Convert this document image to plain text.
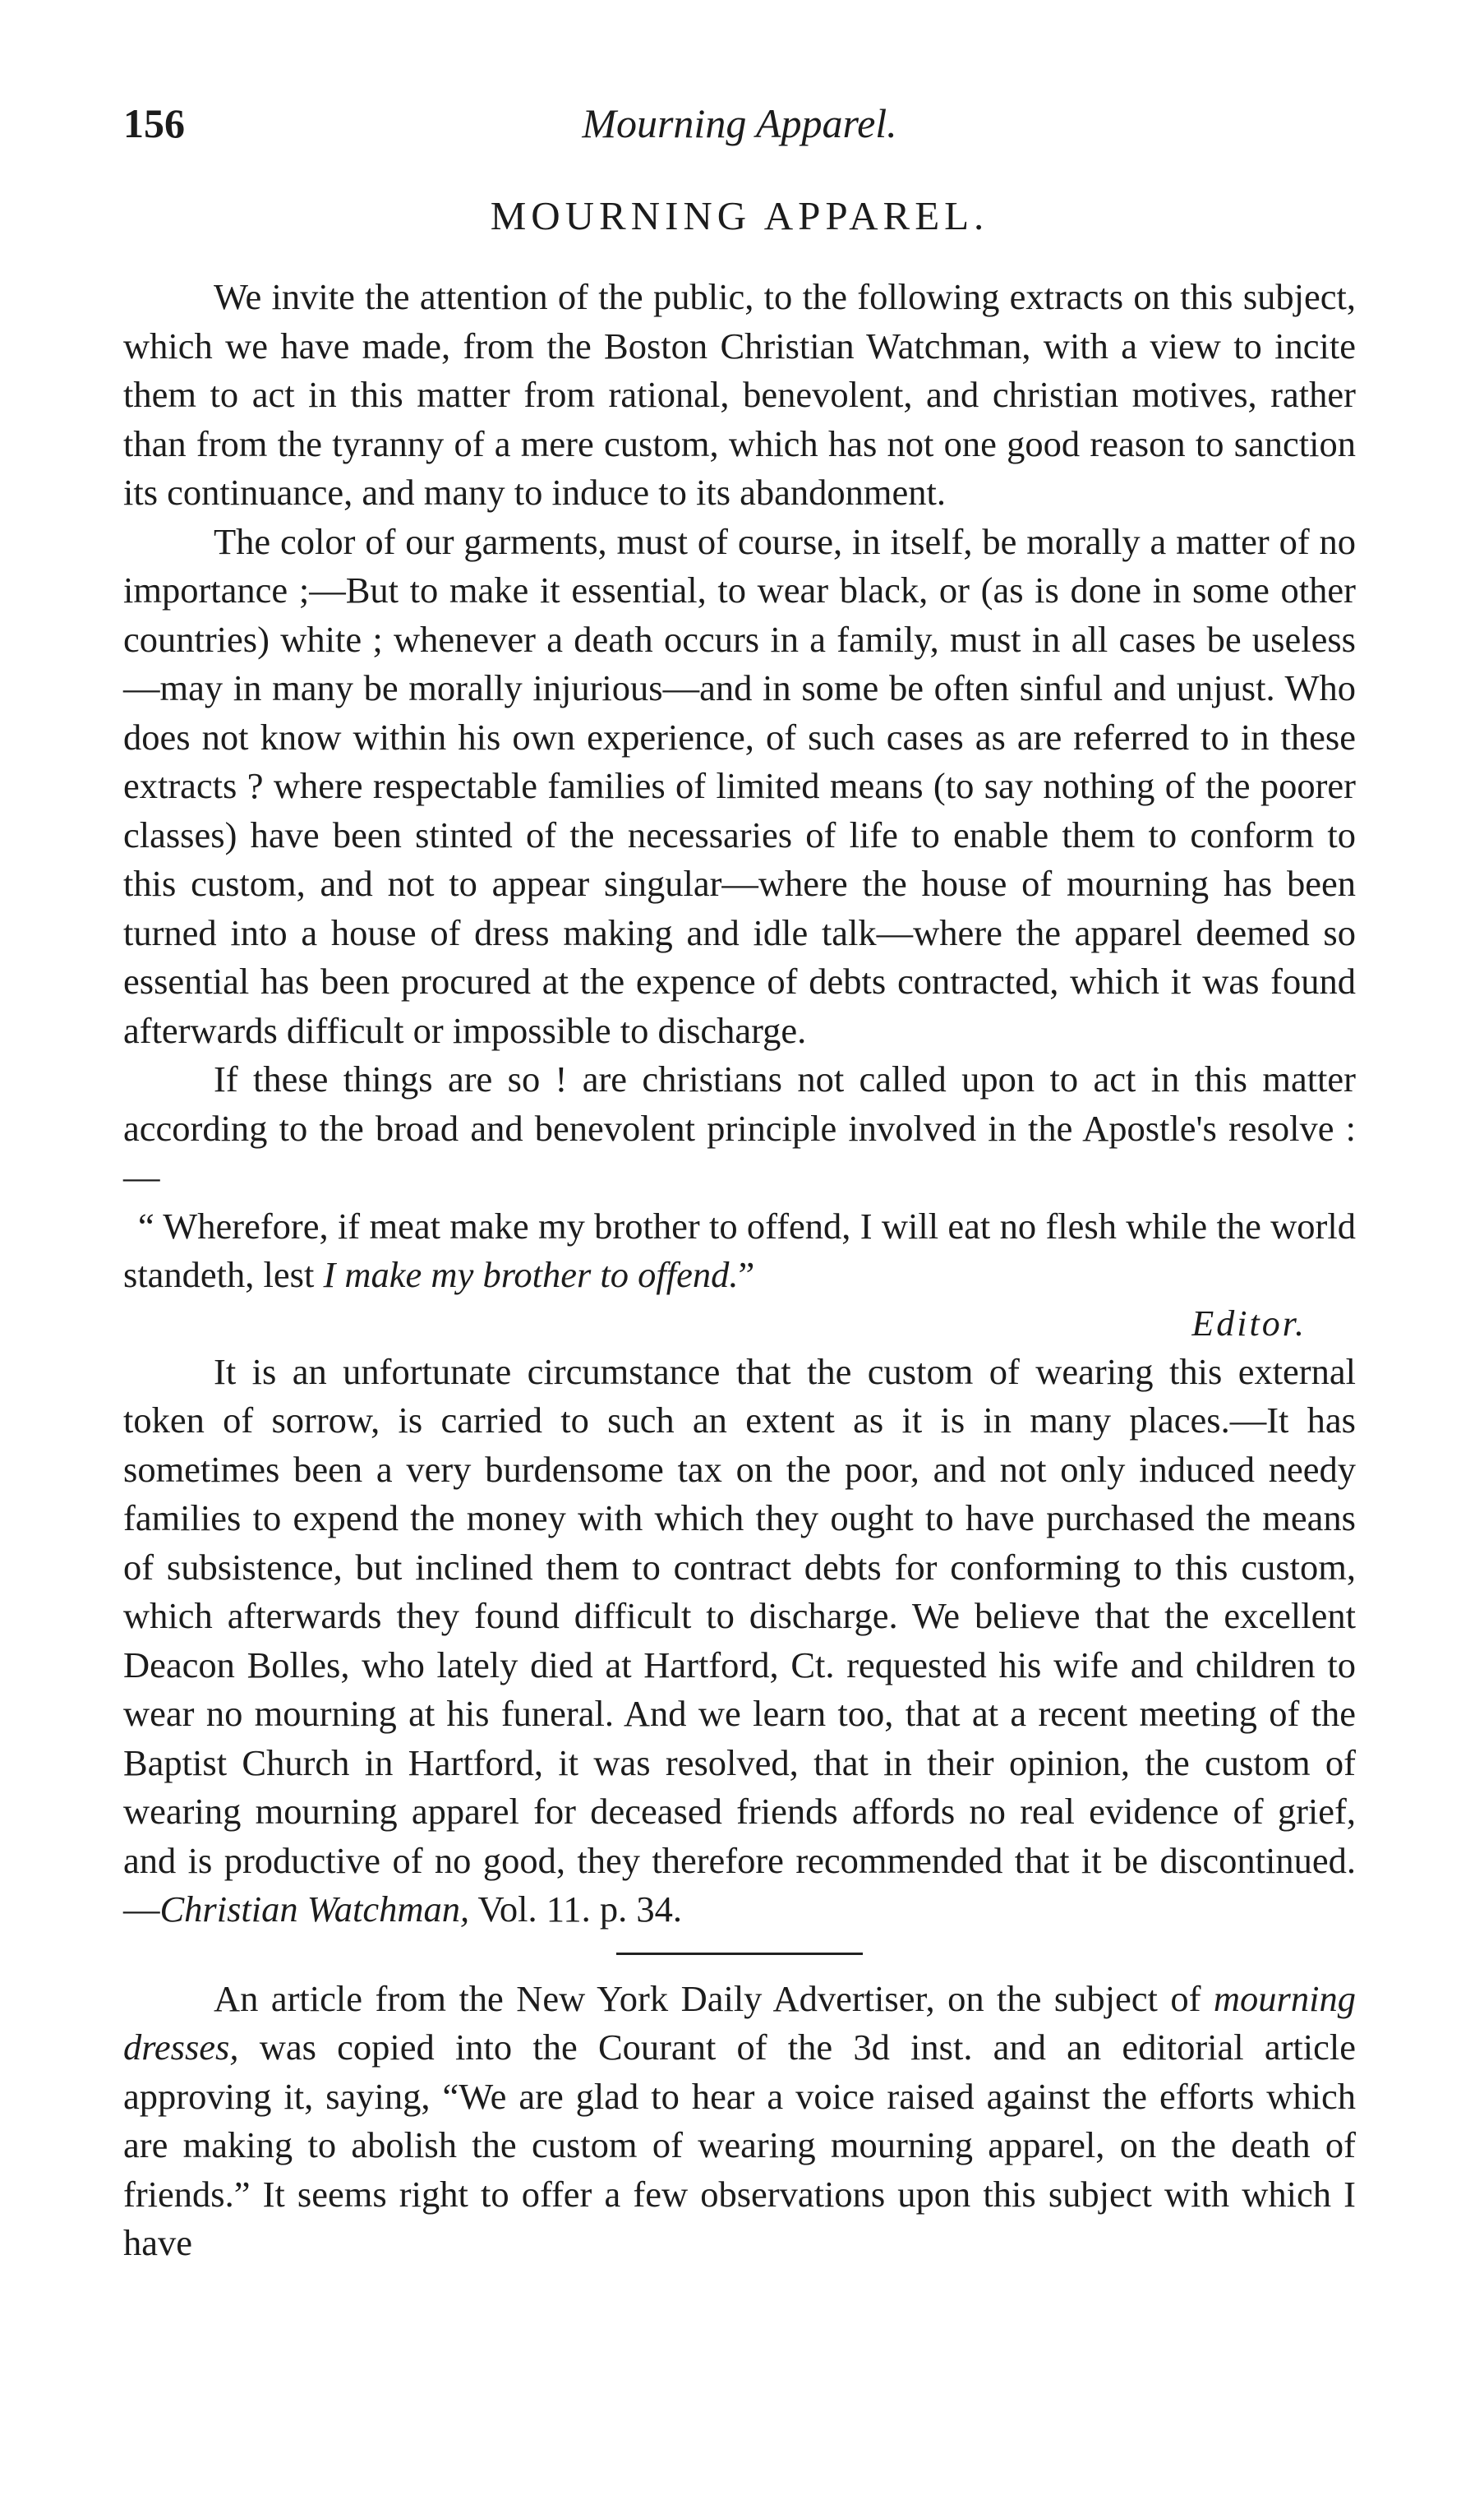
156	Mourning Apparel.
MOURNING APPAREL.

We invite the attention of the public, to the following extracts on this subject, which we have made, from the Boston Christian Watchman, with a view to incite them to act in this matter from rational, benevolent, and christian motives, rather than from the tyranny of a mere custom, which has not one good reason to sanction its continuance, and many to induce to its abandonment.

The color of our garments, must of course, in itself, be morally a matter of no importance ;—But to make it essential, to wear black, or (as is done in some other countries) white ; whenever a death occurs in a family, must in all cases be useless—may in many be morally injurious—and in some be often sinful and unjust. Who does not know within his own experience, of such cases as are referred to in these extracts ? where respectable families of limited means (to say nothing of the poorer classes) have been stinted of the necessaries of life to enable them to conform to this custom, and not to appear singular—where the house of mourning has been turned into a house of dress making and idle talk—where the apparel deemed so essential has been procured at the expence of debts contracted, which it was found afterwards difficult or impossible to discharge.

If these things are so ! are christians not called upon to act in this matter according to the broad and benevolent principle involved in the Apostle's resolve :—

“ Wherefore, if meat make my brother to offend, I will eat no flesh while the world standeth, lest I make my brother to offend.”

Editor.

It is an unfortunate circumstance that the custom of wearing this external token of sorrow, is carried to such an extent as it is in many places.—It has sometimes been a very burdensome tax on the poor, and not only induced needy families to expend the money with which they ought to have purchased the means of subsistence, but inclined them to contract debts for conforming to this custom, which afterwards they found difficult to discharge. We believe that the excellent Deacon Bolles, who lately died at Hartford, Ct. requested his wife and children to wear no mourning at his funeral. And we learn too, that at a recent meeting of the Baptist Church in Hartford, it was resolved, that in their opinion, the custom of wearing mourning apparel for deceased friends affords no real evidence of grief, and is productive of no good, they therefore recommended that it be discontinued.—Christian Watchman, Vol. 11. p. 34.

An article from the New York Daily Advertiser, on the subject of mourning dresses, was copied into the Courant of the 3d inst. and an editorial article approving it, saying, “We are glad to hear a voice raised against the efforts which are making to abolish the custom of wearing mourning apparel, on the death of friends.” It seems right to offer a few observations upon this subject with which I have
